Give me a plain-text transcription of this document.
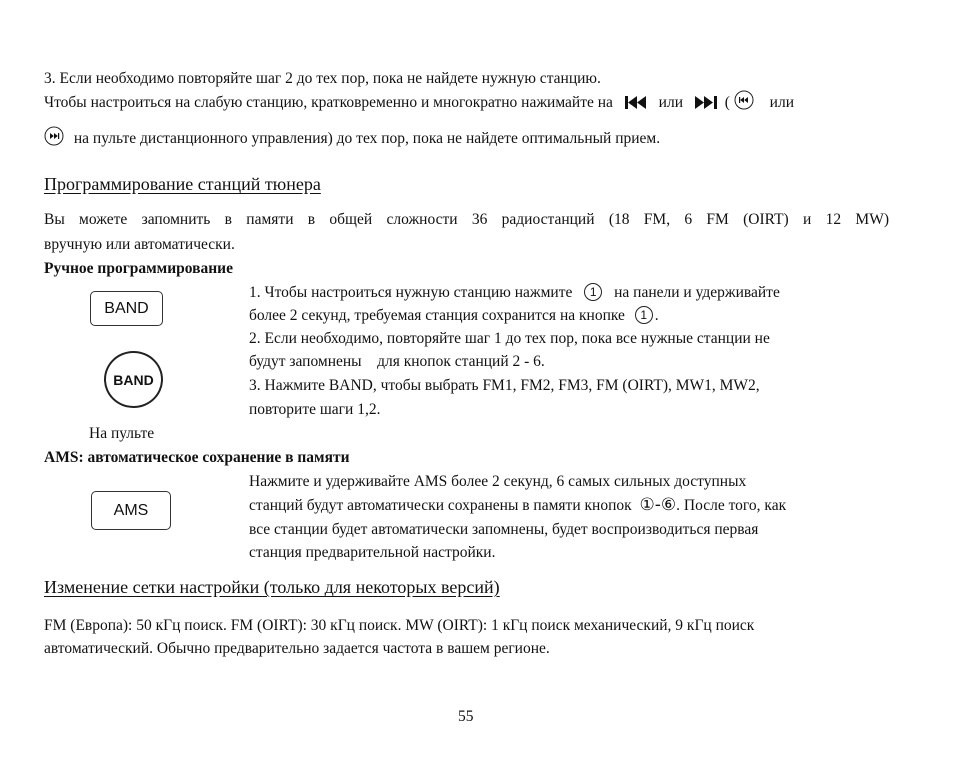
3. Если необходимо повторяйте шаг 2 до тех пор, пока не найдете нужную станцию.
Чтобы настроиться на слабую станцию, кратковременно и многократно нажимайте на	или	(	или
на пульте дистанционного управления) до тех пор, пока не найдете оптимальный прием.
Программирование станций тюнера
Вы можете запомнить в памяти в общей сложности 36 радиостанций (18 FM, 6 FM (OIRT) и 12 MW)
вручную или автоматически.
Ручное программирование
BAND
BAND
На пульте
1. Чтобы настроиться нужную станцию нажмите 1 на панели и удерживайте
более 2 секунд, требуемая станция сохранится на кнопке 1 .
2. Если необходимо, повторяйте шаг 1 до тех пор, пока все нужные станции не
будут запомнены    для кнопок станций 2 - 6.
3. Нажмите BAND, чтобы выбрать FM1, FM2, FM3, FM (OIRT), MW1, MW2,
повторите шаги 1,2.
AMS: автоматическое сохранение в памяти
AMS
Нажмите и удерживайте AMS более 2 секунд, 6 самых сильных доступных
станций будут автоматически сохранены в памяти кнопок ①-⑥. После того, как
все станции будет автоматически запомнены, будет воспроизводиться первая
станция предварительной настройки.
Изменение сетки настройки (только для некоторых версий)
FM (Европа): 50 кГц поиск. FM (OIRT): 30 кГц поиск. MW (OIRT): 1 кГц поиск механический, 9 кГц поиск
автоматический. Обычно предварительно задается частота в вашем регионе.
55
